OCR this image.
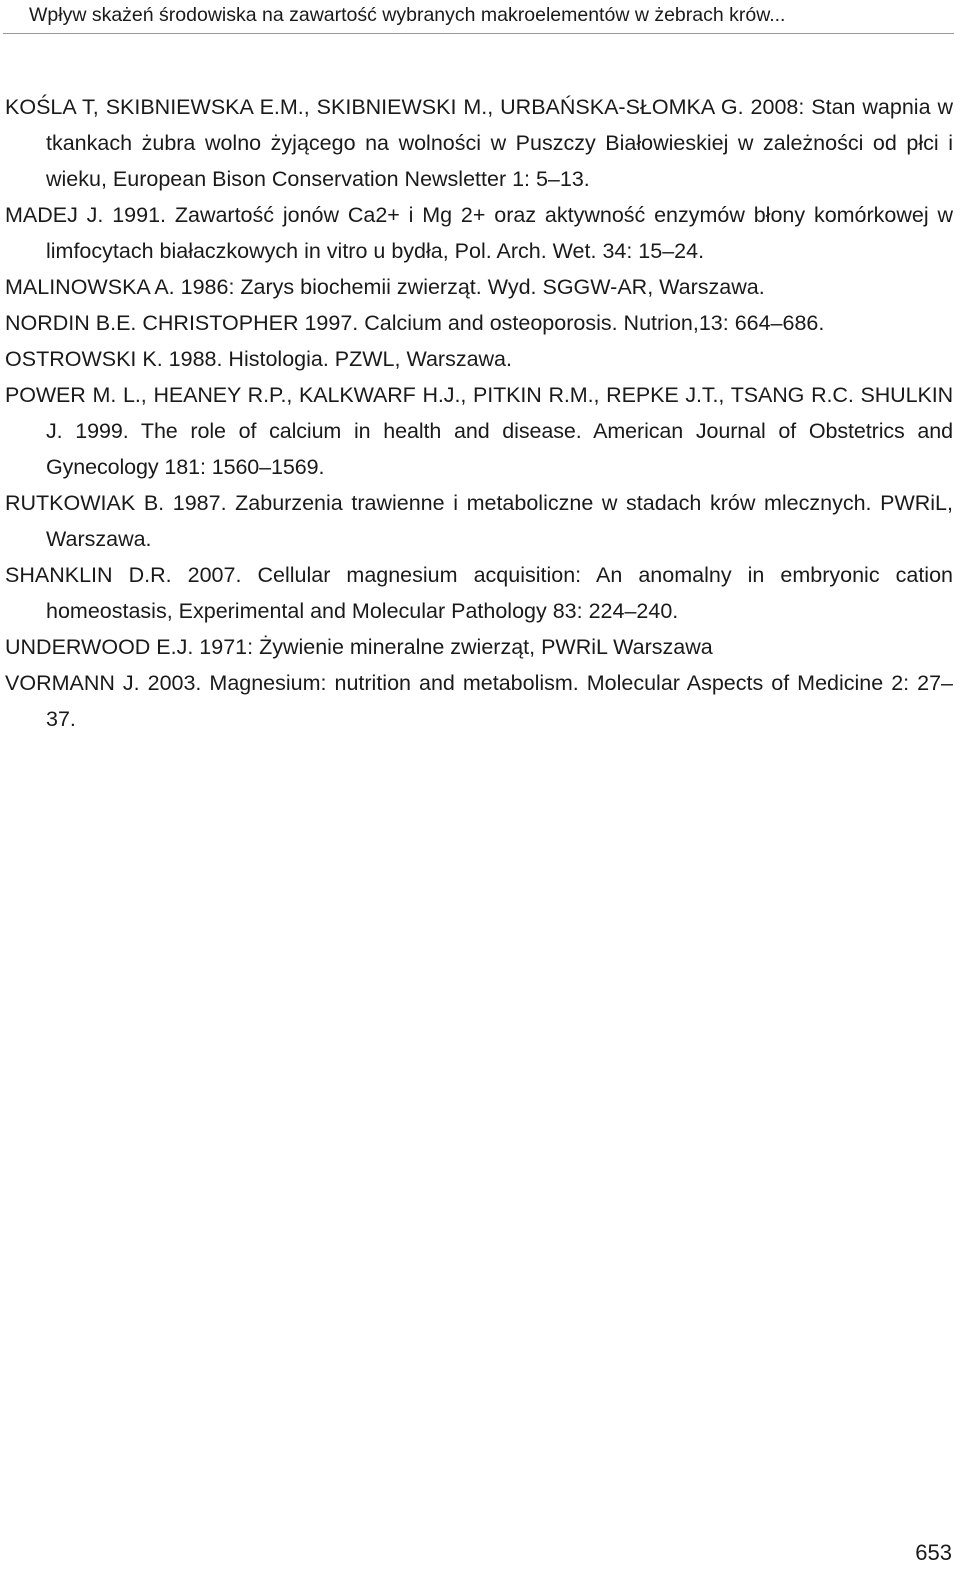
Wpływ skażeń środowiska na zawartość wybranych makroelementów w żebrach krów...
KOŚLA T, SKIBNIEWSKA E.M., SKIBNIEWSKI M., URBAŃSKA-SŁOMKA G. 2008: Stan wapnia w tkankach żubra wolno żyjącego na wolności w Puszczy Białowieskiej w zależności od płci i wieku, European Bison Conservation Newsletter 1: 5‒13.
MADEJ J. 1991. Zawartość jonów Ca2+ i Mg 2+ oraz aktywność enzymów błony komórkowej w limfocytach białaczkowych in vitro u bydła, Pol. Arch. Wet. 34: 15‒24.
MALINOWSKA A. 1986: Zarys biochemii zwierząt. Wyd. SGGW-AR, Warszawa.
NORDIN B.E. CHRISTOPHER 1997. Calcium and osteoporosis. Nutrion,13: 664‒686.
OSTROWSKI K. 1988. Histologia. PZWL, Warszawa.
POWER M. L., HEANEY R.P., KALKWARF H.J., PITKIN R.M., REPKE J.T., TSANG R.C. SHULKIN J. 1999. The role of calcium in health and disease. American Journal of Obstetrics and Gynecology 181: 1560‒1569.
RUTKOWIAK B. 1987. Zaburzenia trawienne i metaboliczne w stadach krów mlecznych. PWRiL, Warszawa.
SHANKLIN D.R. 2007. Cellular magnesium acquisition: An anomalny in embryonic cation homeostasis, Experimental and Molecular Pathology 83: 224‒240.
UNDERWOOD E.J. 1971: Żywienie mineralne zwierząt, PWRiL Warszawa
VORMANN J. 2003. Magnesium: nutrition and metabolism. Molecular Aspects of Medicine 2: 27‒37.
653
